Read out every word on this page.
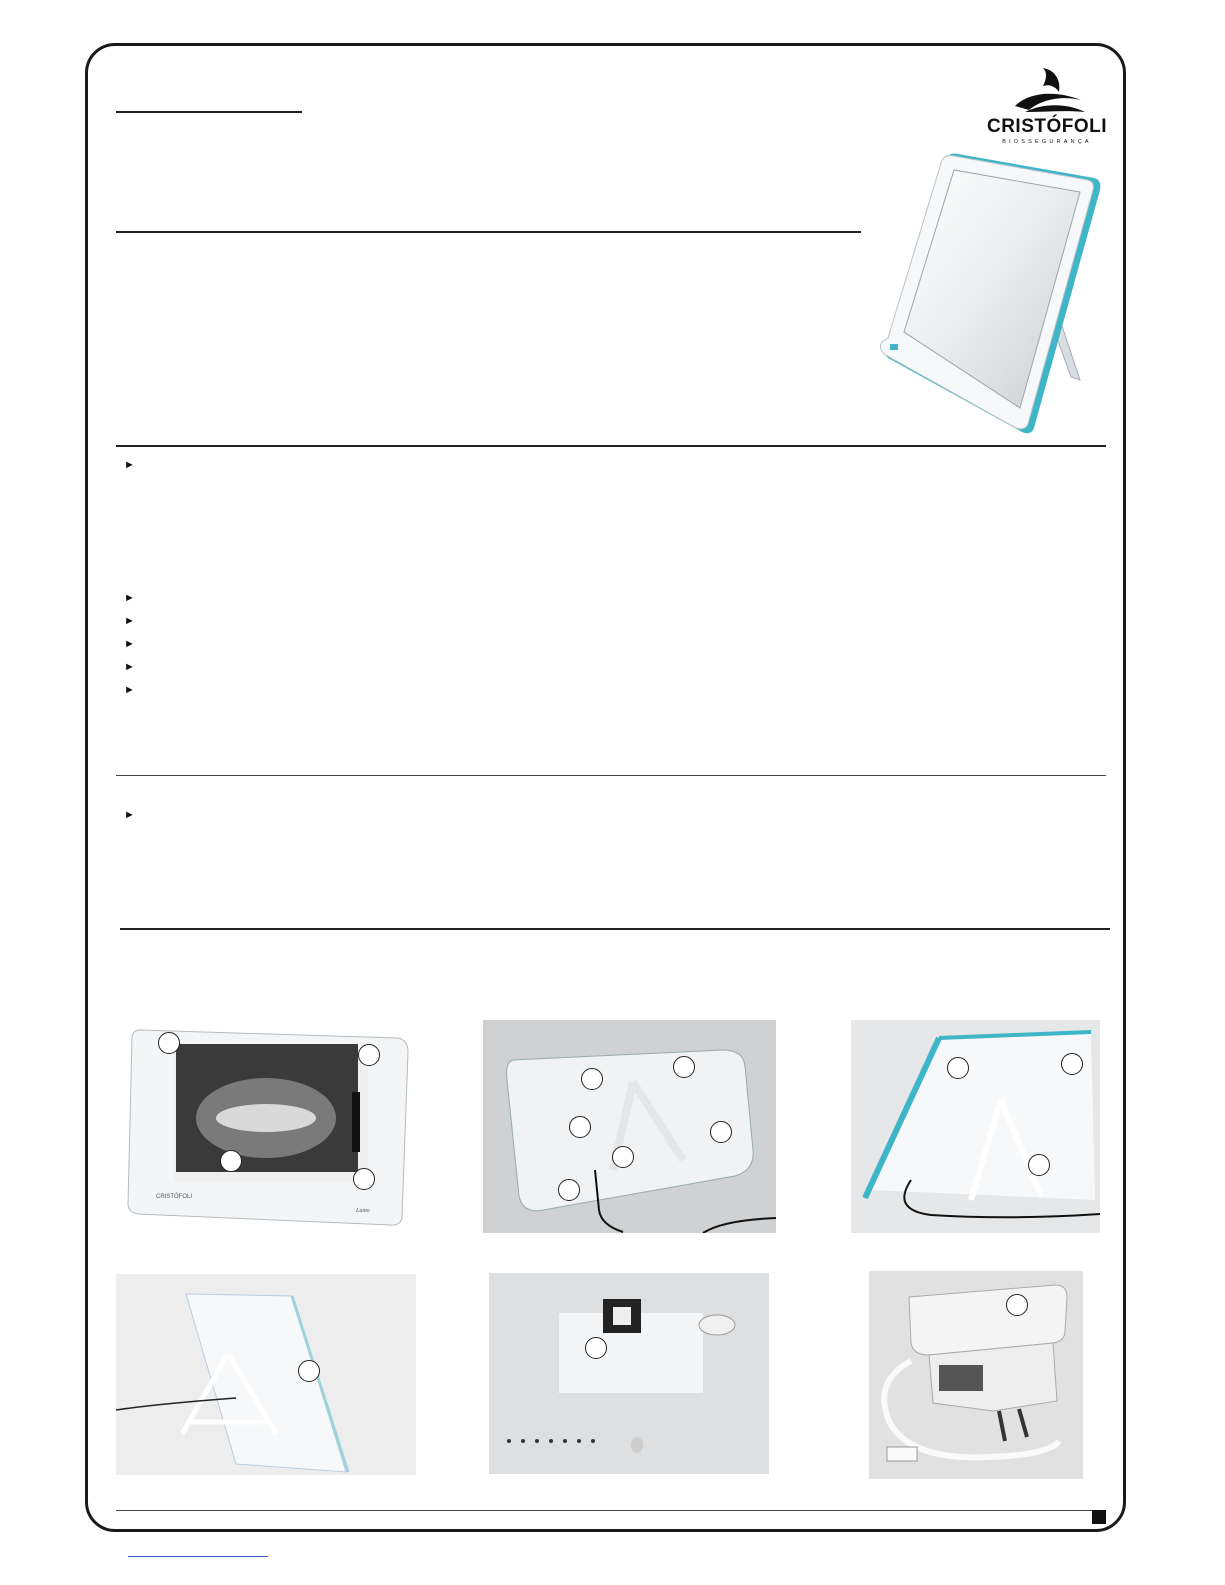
CRISTÓFOLI
BIOSSEGURANÇA
►
►
►
►
►
►
►
CRISTÓFOLI
Lumo
